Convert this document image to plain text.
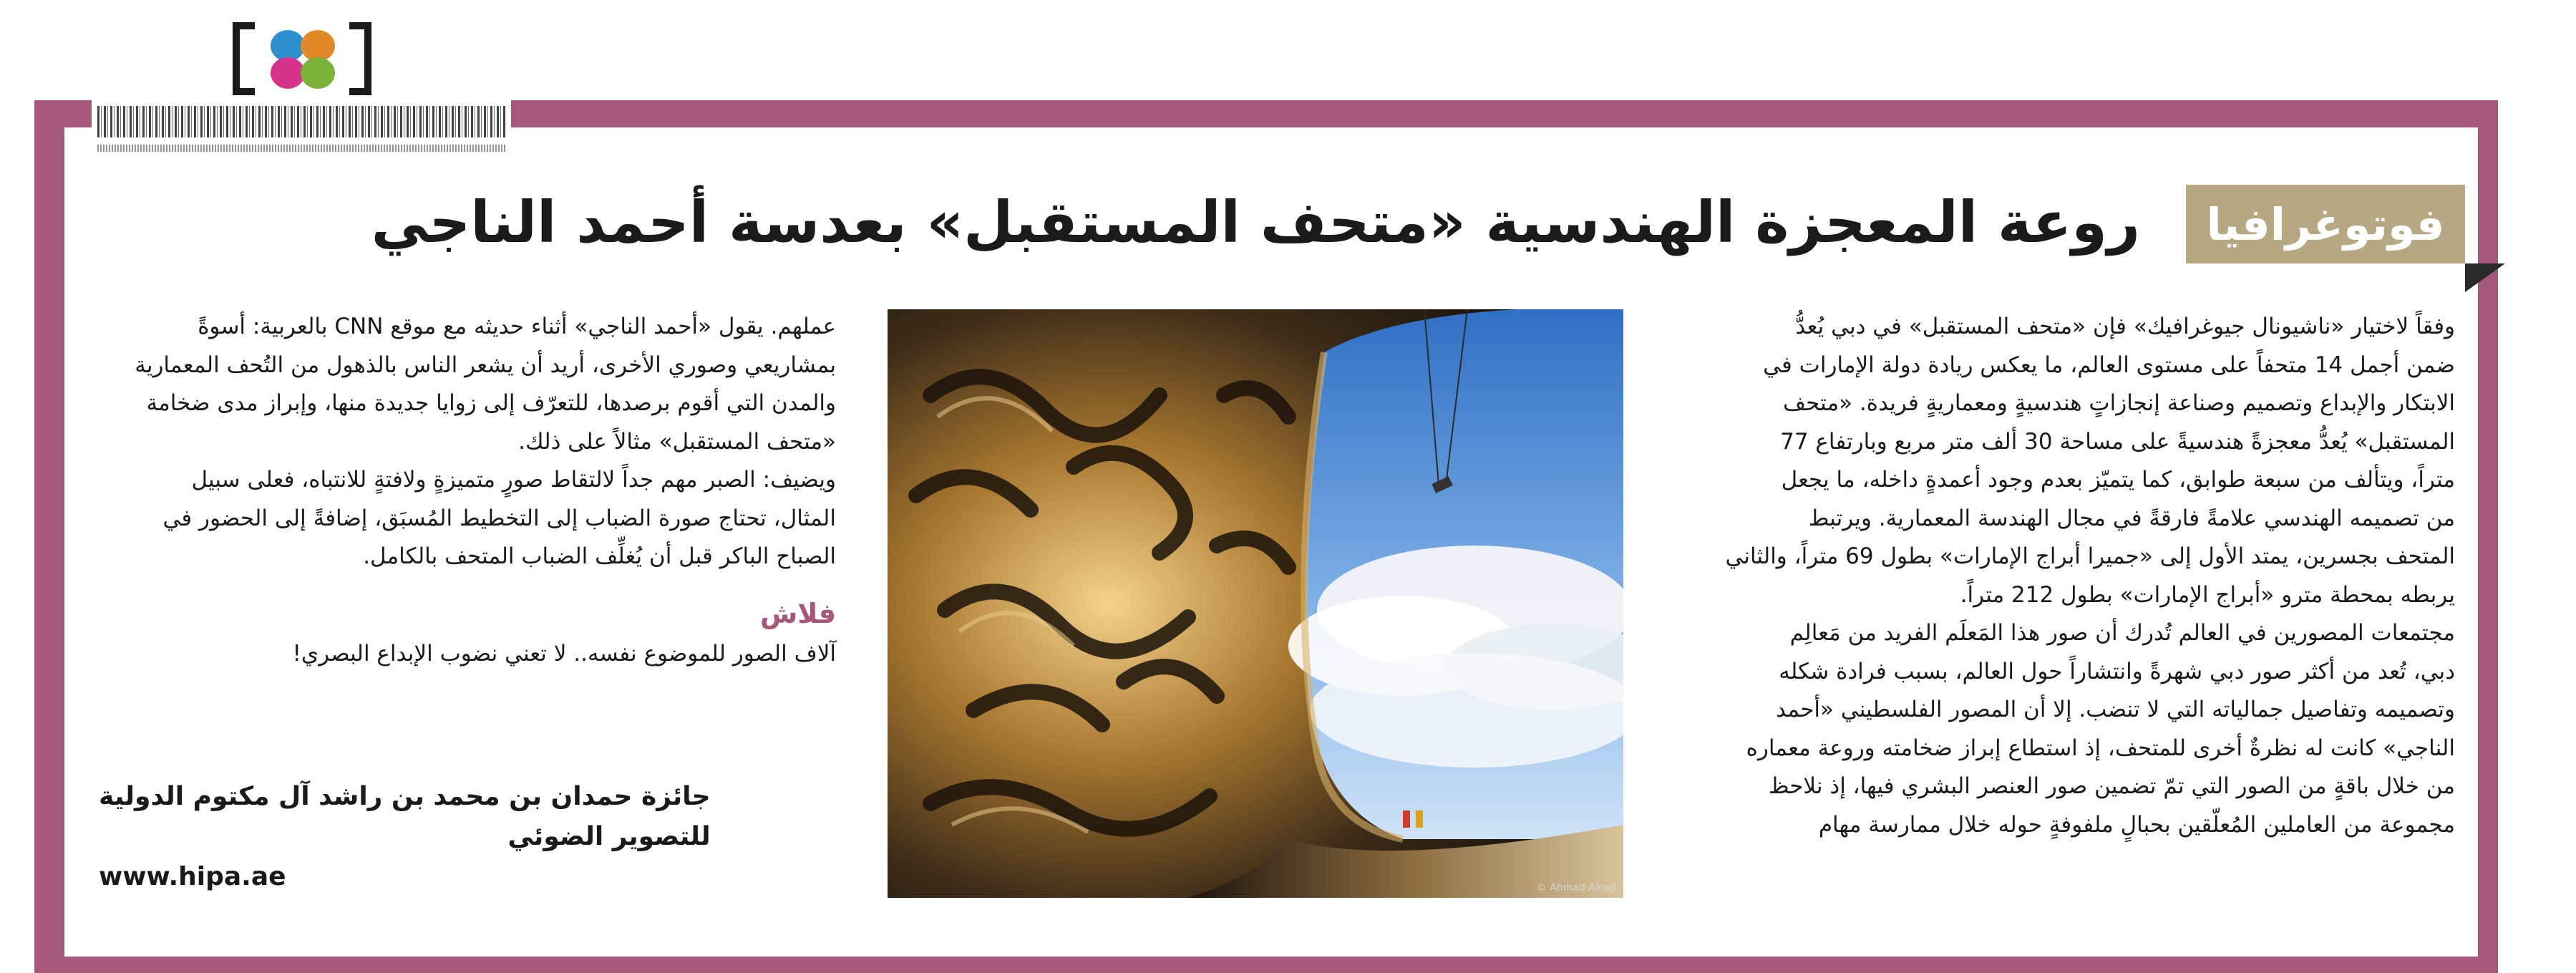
فوتوغرافيا
روعة المعجزة الهندسية «متحف المستقبل» بعدسة أحمد الناجي

وفقاً لاختيار «ناشيونال جيوغرافيك» فإن «متحف المستقبل» في دبي يُعدُّ

ضمن أجمل 14 متحفاً على مستوى العالم، ما يعكس ريادة دولة الإمارات في

الابتكار والإبداع وتصميم وصناعة إنجازاتٍ هندسيةٍ ومعماريةٍ فريدة. «متحف

المستقبل» يُعدُّ معجزةً هندسيةً على مساحة 30 ألف متر مربع وبارتفاع 77

متراً، ويتألف من سبعة طوابق، كما يتميّز بعدم وجود أعمدةٍ داخله، ما يجعل

من تصميمه الهندسي علامةً فارقةً في مجال الهندسة المعمارية. ويرتبط

المتحف بجسرين، يمتد الأول إلى «جميرا أبراج الإمارات» بطول 69 متراً، والثاني

يربطه بمحطة مترو «أبراج الإمارات» بطول 212 متراً.

مجتمعات المصورين في العالم تُدرك أن صور هذا المَعلَم الفريد من مَعالِم

دبي، تُعد من أكثر صور دبي شهرةً وانتشاراً حول العالم، بسبب فرادة شكله

وتصميمه وتفاصيل جمالياته التي لا تنضب. إلا أن المصور الفلسطيني «أحمد

الناجي» كانت له نظرةٌ أخرى للمتحف، إذ استطاع إبراز ضخامته وروعة معماره

من خلال باقةٍ من الصور التي تمّ تضمين صور العنصر البشري فيها، إذ نلاحظ

مجموعة من العاملين المُعلّقين بحبالٍ ملفوفةٍ حوله خلال ممارسة مهام

© Ahmad Alnaji

عملهم. يقول «أحمد الناجي» أثناء حديثه مع موقع CNN بالعربية: أسوةً

بمشاريعي وصوري الأخرى، أريد أن يشعر الناس بالذهول من التُحف المعمارية

والمدن التي أقوم برصدها، للتعرّف إلى زوايا جديدة منها، وإبراز مدى ضخامة

«متحف المستقبل» مثالاً على ذلك.

ويضيف: الصبر مهم جداً لالتقاط صورٍ متميزةٍ ولافتةٍ للانتباه، فعلى سبيل

المثال، تحتاج صورة الضباب إلى التخطيط المُسبَق، إضافةً إلى الحضور في

الصباح الباكر قبل أن يُغلِّف الضباب المتحف بالكامل.

فلاش

آلاف الصور للموضوع نفسه.. لا تعني نضوب الإبداع البصري!

جائزة حمدان بن محمد بن راشد آل مكتوم الدولية
للتصوير الضوئي
www.hipa.ae
